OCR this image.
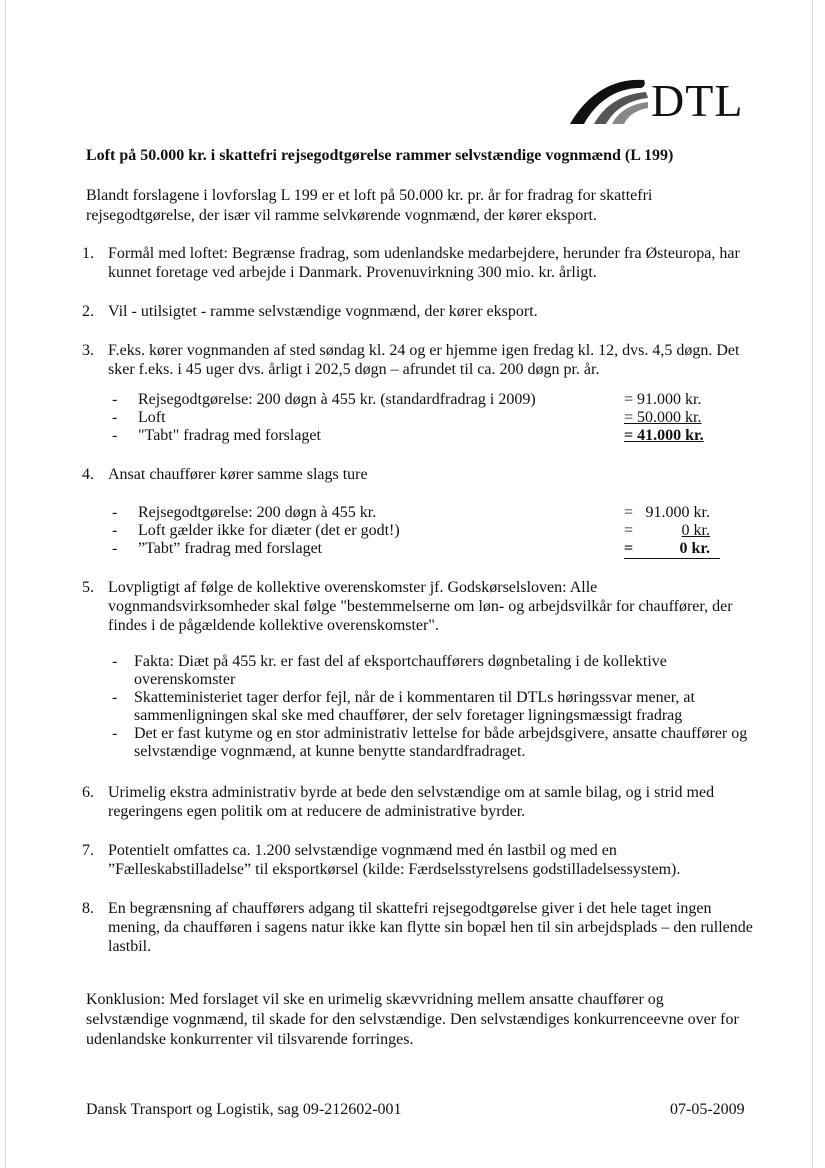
DTL
Loft på 50.000 kr. i skattefri rejsegodtgørelse rammer selvstændige vognmænd (L 199)
Blandt forslagene i lovforslag L 199 er et loft på 50.000 kr. pr. år for fradrag for skattefri rejsegodtgørelse, der især vil ramme selvkørende vognmænd, der kører eksport.
1. Formål med loftet: Begrænse fradrag, som udenlandske medarbejdere, herunder fra Østeuropa, har kunnet foretage ved arbejde i Danmark. Provenuvirkning 300 mio. kr. årligt.
2. Vil - utilsigtet - ramme selvstændige vognmænd, der kører eksport.
3. F.eks. kører vognmanden af sted søndag kl. 24 og er hjemme igen fredag kl. 12, dvs. 4,5 døgn. Det sker f.eks. i 45 uger dvs. årligt i 202,5 døgn – afrundet til ca. 200 døgn pr. år.
- Rejsegodtgørelse: 200 døgn à 455 kr. (standardfradrag i 2009)	= 91.000 kr.
- Loft	= 50.000 kr.
- "Tabt" fradrag med forslaget	= 41.000 kr.
4. Ansat chauffører kører samme slags ture
- Rejsegodtgørelse: 200 døgn à 455 kr.	= 91.000 kr.
- Loft gælder ikke for diæter (det er godt!)	=	0 kr.
- ”Tabt” fradrag med forslaget	=	0 kr.
5. Lovpligtigt af følge de kollektive overenskomster jf. Godskørselsloven: Alle vognmandsvirksomheder skal følge "bestemmelserne om løn- og arbejdsvilkår for chauffører, der findes i de pågældende kollektive overenskomster".
- Fakta: Diæt på 455 kr. er fast del af eksportchaufførers døgnbetaling i de kollektive overenskomster
- Skatteministeriet tager derfor fejl, når de i kommentaren til DTLs høringssvar mener, at sammenligningen skal ske med chauffører, der selv foretager ligningsmæssigt fradrag
- Det er fast kutyme og en stor administrativ lettelse for både arbejdsgivere, ansatte chauffører og selvstændige vognmænd, at kunne benytte standardfradraget.
6. Urimelig ekstra administrativ byrde at bede den selvstændige om at samle bilag, og i strid med regeringens egen politik om at reducere de administrative byrder.
7. Potentielt omfattes ca. 1.200 selvstændige vognmænd med én lastbil og med en ”Fælleskabstilladelse” til eksportkørsel (kilde: Færdselsstyrelsens godstilladelsessystem).
8. En begrænsning af chaufførers adgang til skattefri rejsegodtgørelse giver i det hele taget ingen mening, da chaufføren i sagens natur ikke kan flytte sin bopæl hen til sin arbejdsplads – den rullende lastbil.
Konklusion: Med forslaget vil ske en urimelig skævvridning mellem ansatte chauffører og selvstændige vognmænd, til skade for den selvstændige. Den selvstændiges konkurrenceevne over for udenlandske konkurrenter vil tilsvarende forringes.
Dansk Transport og Logistik, sag 09-212602-001	07-05-2009
